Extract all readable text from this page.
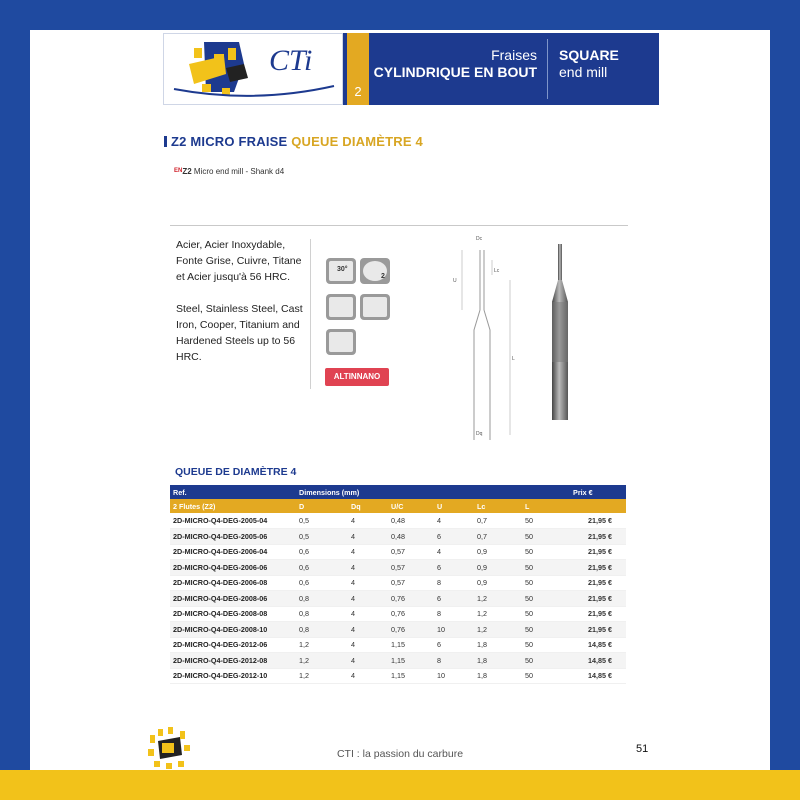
CTi
2
Fraises
CYLINDRIQUE EN BOUT
SQUARE
end mill
Z2 MICRO FRAISE QUEUE DIAMÈTRE 4
$^{EN}$Z2 Micro end mill - Shank d4

Acier, Acier Inoxydable, Fonte Grise, Cuivre, Titane et Acier jusqu'à 56 HRC.

Steel, Stainless Steel, Cast Iron, Cooper, Titanium and Hardened Steels up to 56 HRC.

30°
2
ALTINNANO
Dc
U
Lc
L
Dq
QUEUE DE DIAMÈTRE 4
Ref.	Dimensions (mm)						Prix €
2 Flutes (Z2)	D	Dq	U/C	U	Lc	L	
2D-MICRO-Q4-DEG-2005-04	0,5	4	0,48	4	0,7	50	21,95 €
2D-MICRO-Q4-DEG-2005-06	0,5	4	0,48	6	0,7	50	21,95 €
2D-MICRO-Q4-DEG-2006-04	0,6	4	0,57	4	0,9	50	21,95 €
2D-MICRO-Q4-DEG-2006-06	0,6	4	0,57	6	0,9	50	21,95 €
2D-MICRO-Q4-DEG-2006-08	0,6	4	0,57	8	0,9	50	21,95 €
2D-MICRO-Q4-DEG-2008-06	0,8	4	0,76	6	1,2	50	21,95 €
2D-MICRO-Q4-DEG-2008-08	0,8	4	0,76	8	1,2	50	21,95 €
2D-MICRO-Q4-DEG-2008-10	0,8	4	0,76	10	1,2	50	21,95 €
2D-MICRO-Q4-DEG-2012-06	1,2	4	1,15	6	1,8	50	14,85 €
2D-MICRO-Q4-DEG-2012-08	1,2	4	1,15	8	1,8	50	14,85 €
2D-MICRO-Q4-DEG-2012-10	1,2	4	1,15	10	1,8	50	14,85 €
CTI : la passion du carbure	51
